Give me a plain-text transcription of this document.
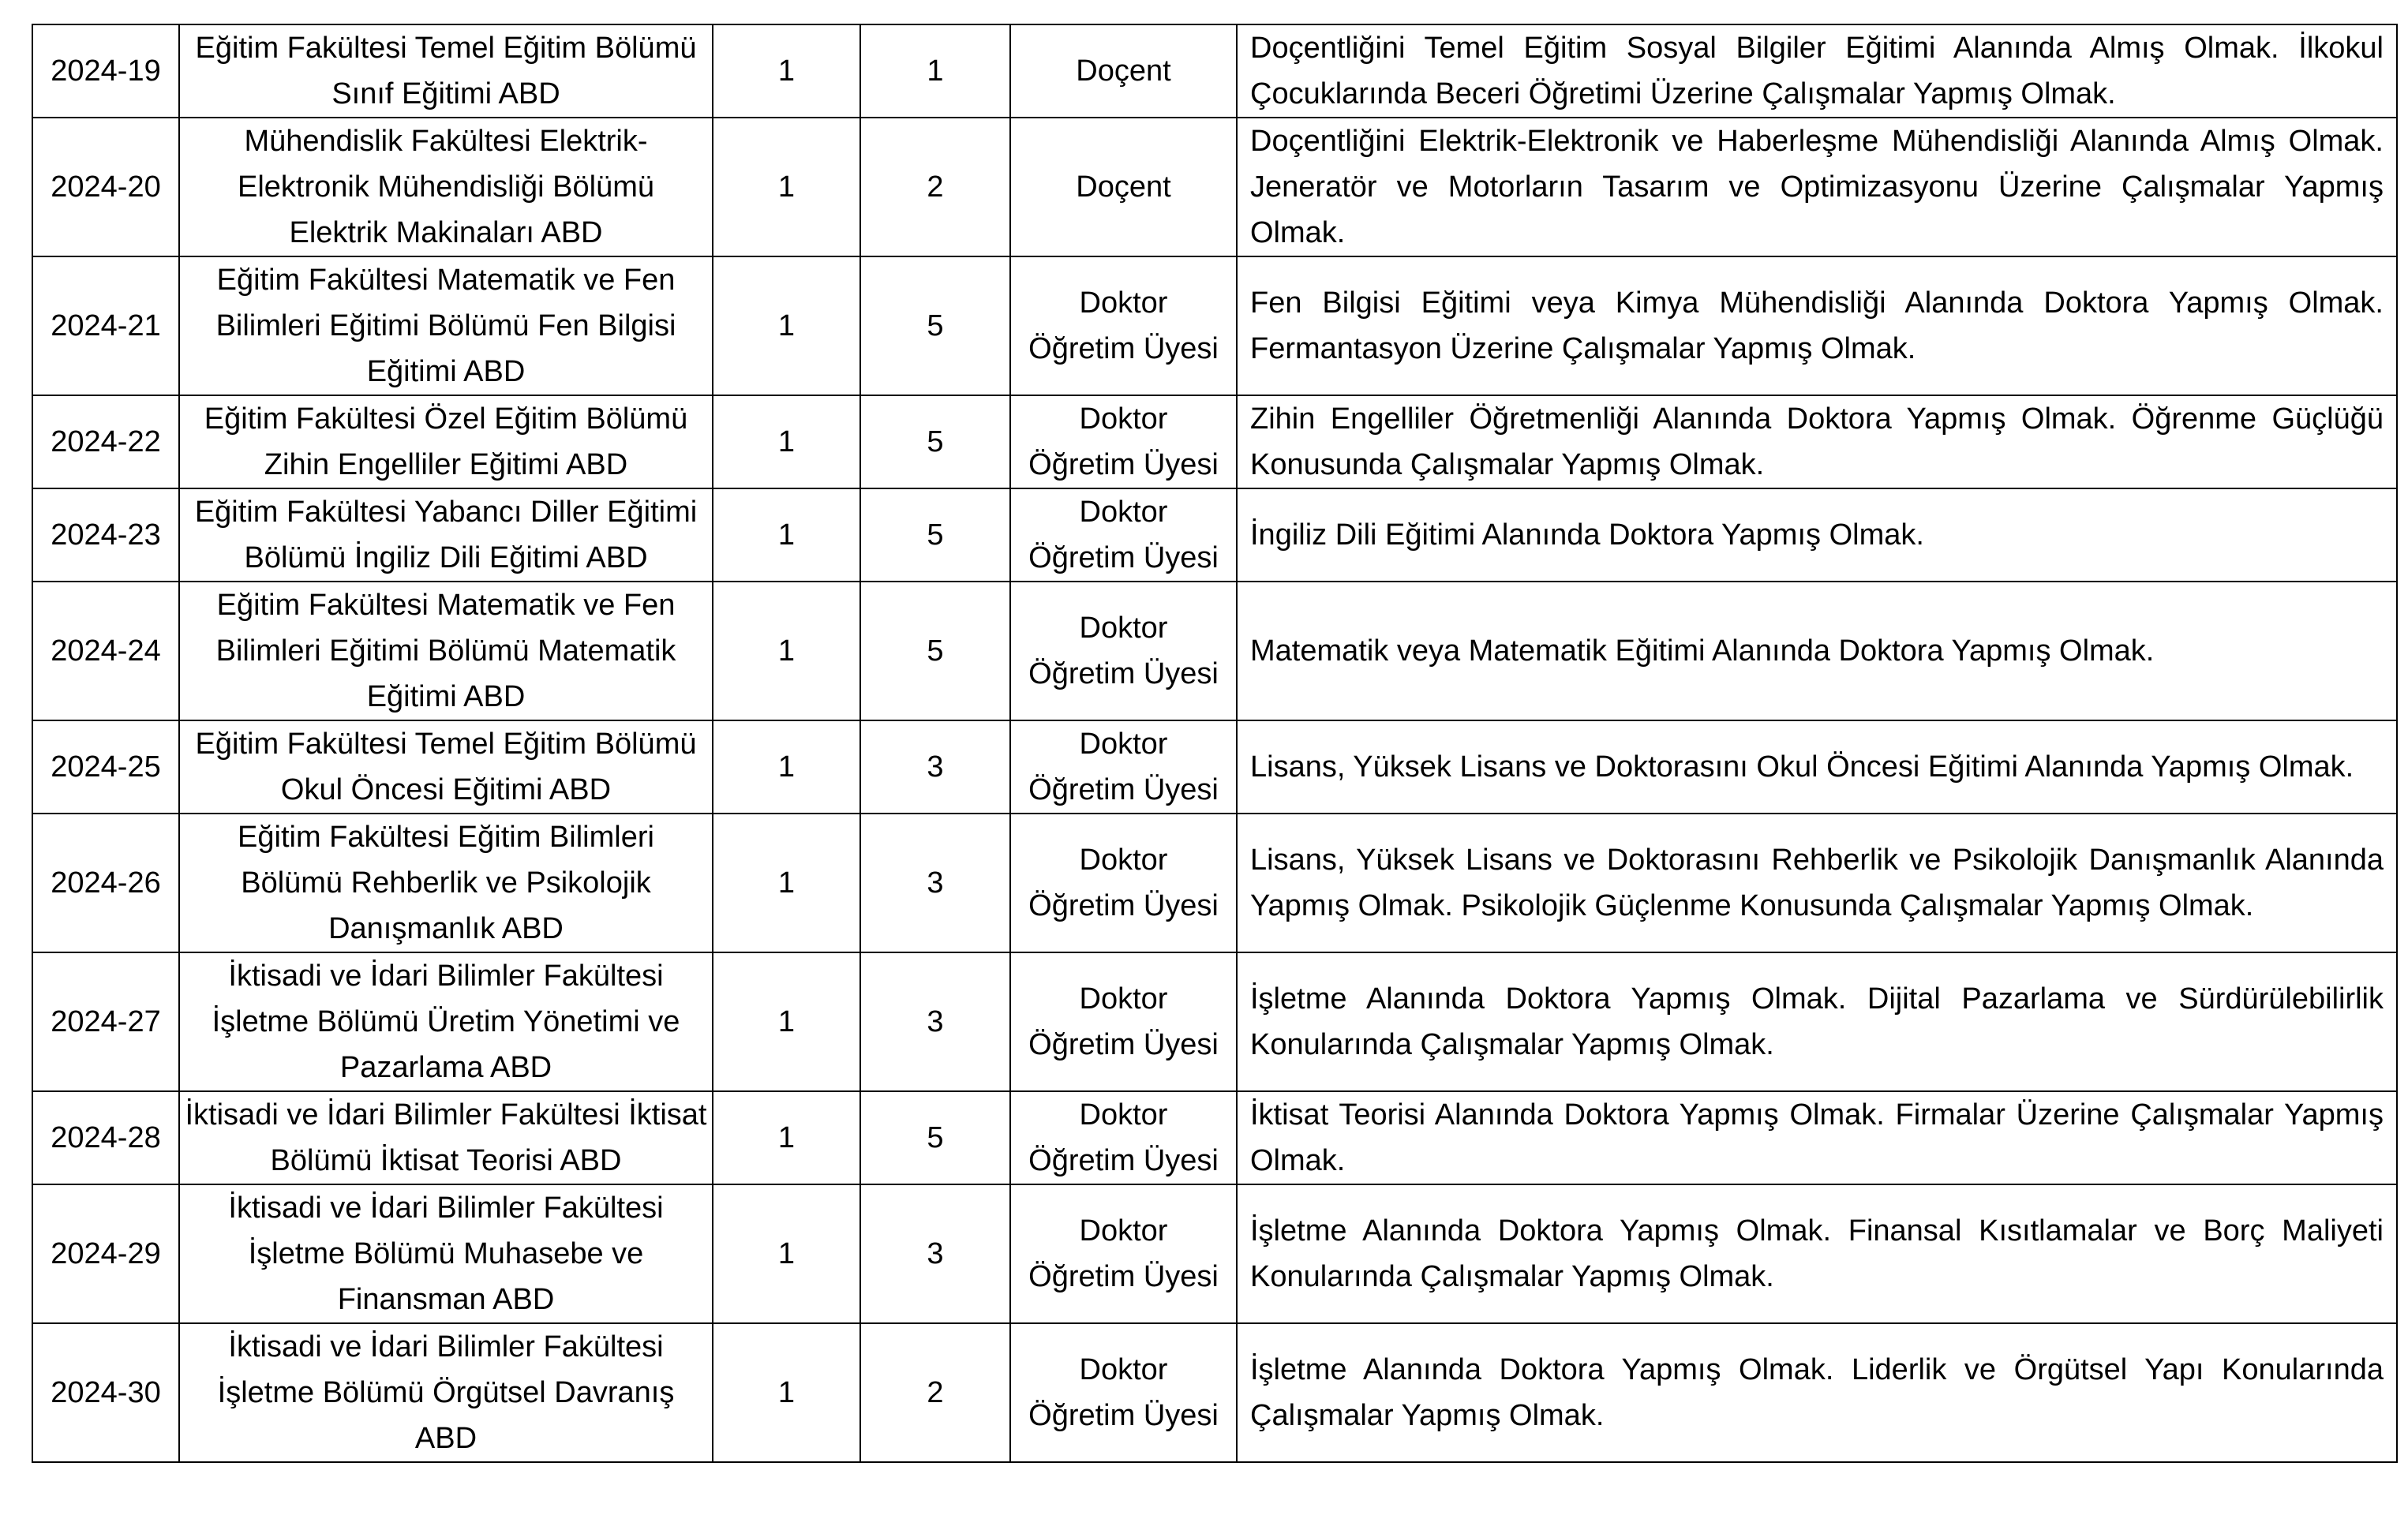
2024-19	Eğitim Fakültesi Temel Eğitim Bölümü Sınıf Eğitimi ABD	1	1	Doçent	Doçentliğini Temel Eğitim Sosyal Bilgiler Eğitimi Alanında Almış Olmak. İlkokul Çocuklarında Beceri Öğretimi Üzerine Çalışmalar Yapmış Olmak.
2024-20	Mühendislik Fakültesi Elektrik-Elektronik Mühendisliği Bölümü Elektrik Makinaları ABD	1	2	Doçent	Doçentliğini Elektrik-Elektronik ve Haberleşme Mühendisliği Alanında Almış Olmak. Jeneratör ve Motorların Tasarım ve Optimizasyonu Üzerine Çalışmalar Yapmış Olmak.
2024-21	Eğitim Fakültesi Matematik ve Fen Bilimleri Eğitimi Bölümü Fen Bilgisi Eğitimi ABD	1	5	Doktor Öğretim Üyesi	Fen Bilgisi Eğitimi veya Kimya Mühendisliği Alanında Doktora Yapmış Olmak. Fermantasyon Üzerine Çalışmalar Yapmış Olmak.
2024-22	Eğitim Fakültesi Özel Eğitim Bölümü Zihin Engelliler Eğitimi ABD	1	5	Doktor Öğretim Üyesi	Zihin Engelliler Öğretmenliği Alanında Doktora Yapmış Olmak. Öğrenme Güçlüğü Konusunda Çalışmalar Yapmış Olmak.
2024-23	Eğitim Fakültesi Yabancı Diller Eğitimi Bölümü İngiliz Dili Eğitimi ABD	1	5	Doktor Öğretim Üyesi	İngiliz Dili Eğitimi Alanında Doktora Yapmış Olmak.
2024-24	Eğitim Fakültesi Matematik ve Fen Bilimleri Eğitimi Bölümü Matematik Eğitimi ABD	1	5	Doktor Öğretim Üyesi	Matematik veya Matematik Eğitimi Alanında Doktora Yapmış Olmak.
2024-25	Eğitim Fakültesi Temel Eğitim Bölümü Okul Öncesi Eğitimi ABD	1	3	Doktor Öğretim Üyesi	Lisans, Yüksek Lisans ve Doktorasını Okul Öncesi Eğitimi Alanında Yapmış Olmak.
2024-26	Eğitim Fakültesi Eğitim Bilimleri Bölümü Rehberlik ve Psikolojik Danışmanlık ABD	1	3	Doktor Öğretim Üyesi	Lisans, Yüksek Lisans ve Doktorasını Rehberlik ve Psikolojik Danışmanlık Alanında Yapmış Olmak. Psikolojik Güçlenme Konusunda Çalışmalar Yapmış Olmak.
2024-27	İktisadi ve İdari Bilimler Fakültesi İşletme Bölümü Üretim Yönetimi ve Pazarlama ABD	1	3	Doktor Öğretim Üyesi	İşletme Alanında Doktora Yapmış Olmak. Dijital Pazarlama ve Sürdürülebilirlik Konularında Çalışmalar Yapmış Olmak.
2024-28	İktisadi ve İdari Bilimler Fakültesi İktisat Bölümü İktisat Teorisi ABD	1	5	Doktor Öğretim Üyesi	İktisat Teorisi Alanında Doktora Yapmış Olmak. Firmalar Üzerine Çalışmalar Yapmış Olmak.
2024-29	İktisadi ve İdari Bilimler Fakültesi İşletme Bölümü Muhasebe ve Finansman ABD	1	3	Doktor Öğretim Üyesi	İşletme Alanında Doktora Yapmış Olmak. Finansal Kısıtlamalar ve Borç Maliyeti Konularında Çalışmalar Yapmış Olmak.
2024-30	İktisadi ve İdari Bilimler Fakültesi İşletme Bölümü Örgütsel Davranış ABD	1	2	Doktor Öğretim Üyesi	İşletme Alanında Doktora Yapmış Olmak. Liderlik ve Örgütsel Yapı Konularında Çalışmalar Yapmış Olmak.
